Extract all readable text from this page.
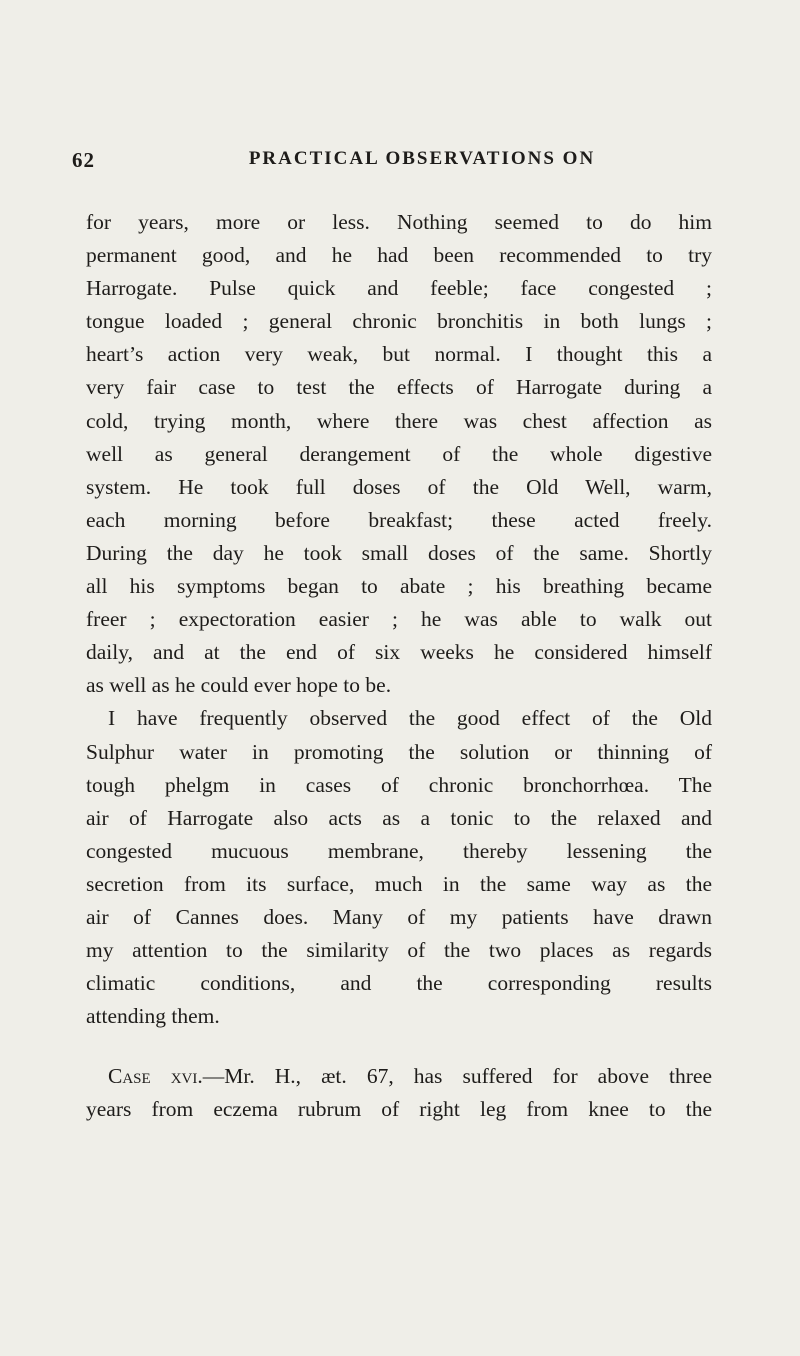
62	PRACTICAL OBSERVATIONS ON
for years, more or less. Nothing seemed to do him
permanent good, and he had been recommended to try
Harrogate. Pulse quick and feeble; face congested ;
tongue loaded ; general chronic bronchitis in both lungs ;
heart’s action very weak, but normal. I thought this a
very fair case to test the effects of Harrogate during a
cold, trying month, where there was chest affection as
well as general derangement of the whole digestive
system. He took full doses of the Old Well, warm,
each morning before breakfast; these acted freely.
During the day he took small doses of the same. Shortly
all his symptoms began to abate ; his breathing became
freer ; expectoration easier ; he was able to walk out
daily, and at the end of six weeks he considered himself
as well as he could ever hope to be.
I have frequently observed the good effect of the Old
Sulphur water in promoting the solution or thinning of
tough phelgm in cases of chronic bronchorrhœa. The
air of Harrogate also acts as a tonic to the relaxed and
congested mucuous membrane, thereby lessening the
secretion from its surface, much in the same way as the
air of Cannes does. Many of my patients have drawn
my attention to the similarity of the two places as regards
climatic conditions, and the corresponding results
attending them.
Case xvi.—Mr. H., æt. 67, has suffered for above three
years from eczema rubrum of right leg from knee to the
